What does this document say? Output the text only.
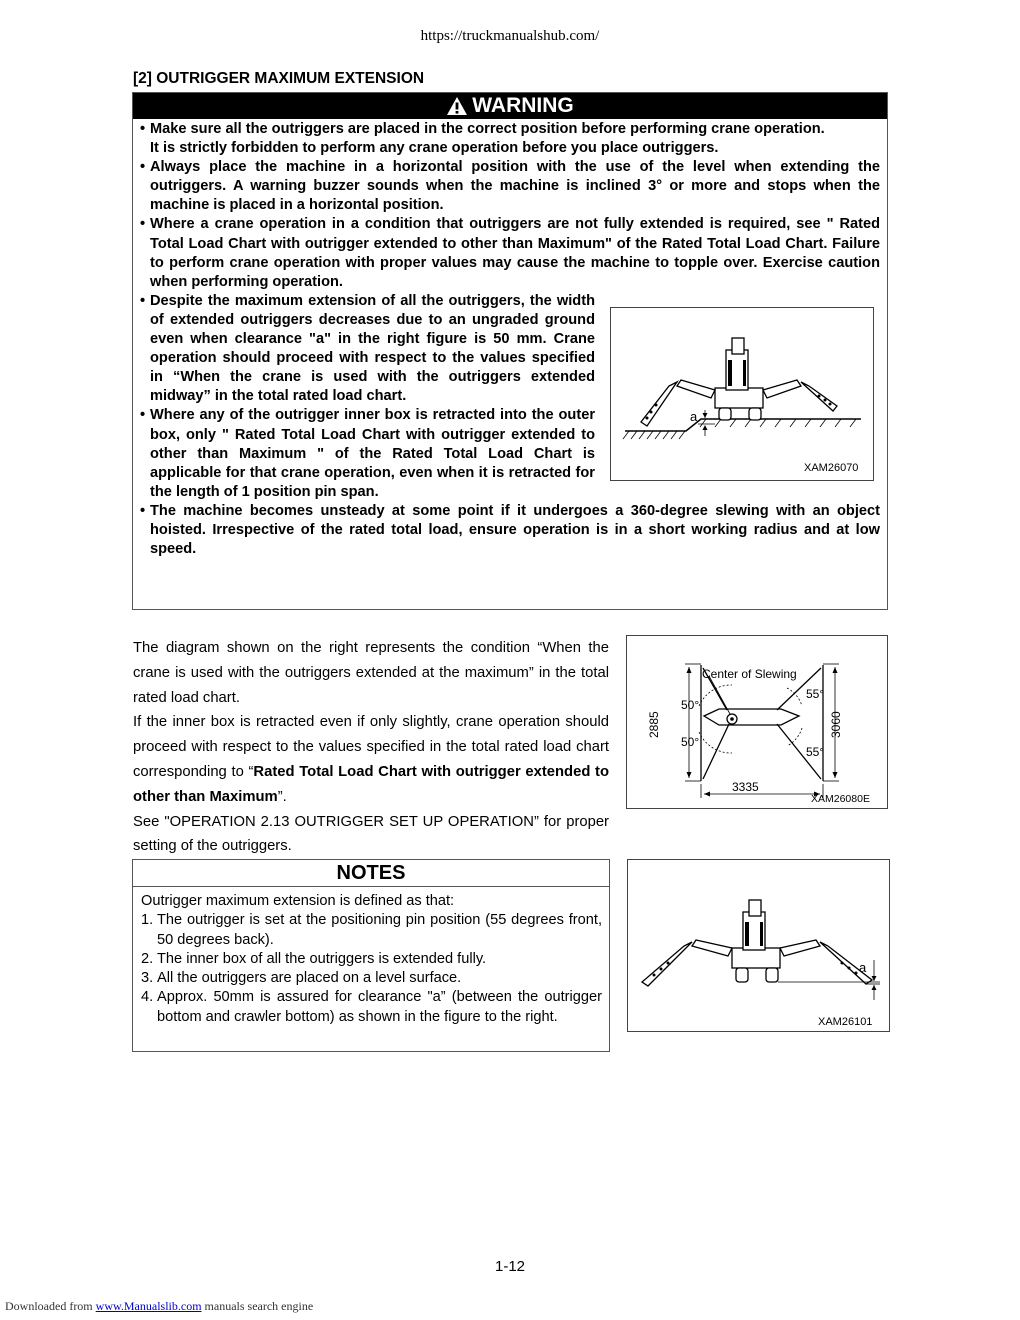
https://truckmanualshub.com/
[2] OUTRIGGER MAXIMUM EXTENSION
WARNING
• Make sure all the outriggers are placed in the correct position before performing crane operation.
It is strictly forbidden to perform any crane operation before you place outriggers.
• Always place the machine in a horizontal position with the use of the level when extending the outriggers. A warning buzzer sounds when the machine is inclined 3° or more and stops when the machine is placed in a horizontal position.
• Where a crane operation in a condition that outriggers are not fully extended is required, see " Rated Total Load Chart with outrigger extended to other than Maximum" of the Rated Total Load Chart. Failure to perform crane operation with proper values may cause the machine to topple over. Exercise caution when performing operation.
• Despite the maximum extension of all the outriggers, the width of extended outriggers decreases due to an ungraded ground even when clearance "a" in the right figure is 50 mm. Crane operation should proceed with respect to the values specified in “When the crane is used with the outriggers extended midway” in the total rated load chart.
• Where any of the outrigger inner box is retracted into the outer box, only " Rated Total Load Chart with outrigger extended to other than Maximum " of the Rated Total Load Chart is applicable for that crane operation, even when it is retracted for the length of 1 position pin span.
• The machine becomes unsteady at some point if it undergoes a 360-degree slewing with an object hoisted. Irrespective of the rated total load, ensure operation is in a short working radius and at low speed.
a
XAM26070
Center of Slewing
55°
55°
50°
50°
2885	3060
3335
XAM26080E
a
XAM26101

The diagram shown on the right represents the condition “When the crane is used with the outriggers extended at the maximum” in the total rated load chart.

If the inner box is retracted even if only slightly, crane operation should proceed with respect to the values specified in the total rated load chart corresponding to “Rated Total Load Chart with outrigger extended to other than Maximum”.

See "OPERATION 2.13 OUTRIGGER SET UP OPERATION” for proper setting of the outriggers.

NOTES
Outrigger maximum extension is defined as that:
1. The outrigger is set at the positioning pin position (55 degrees front, 50 degrees back).
2. The inner box of all the outriggers is extended fully.
3. All the outriggers are placed on a level surface.
4. Approx. 50mm is assured for clearance "a” (between the outrigger bottom and crawler bottom) as shown in the figure to the right.
1-12
Downloaded from www.Manualslib.com manuals search engine
